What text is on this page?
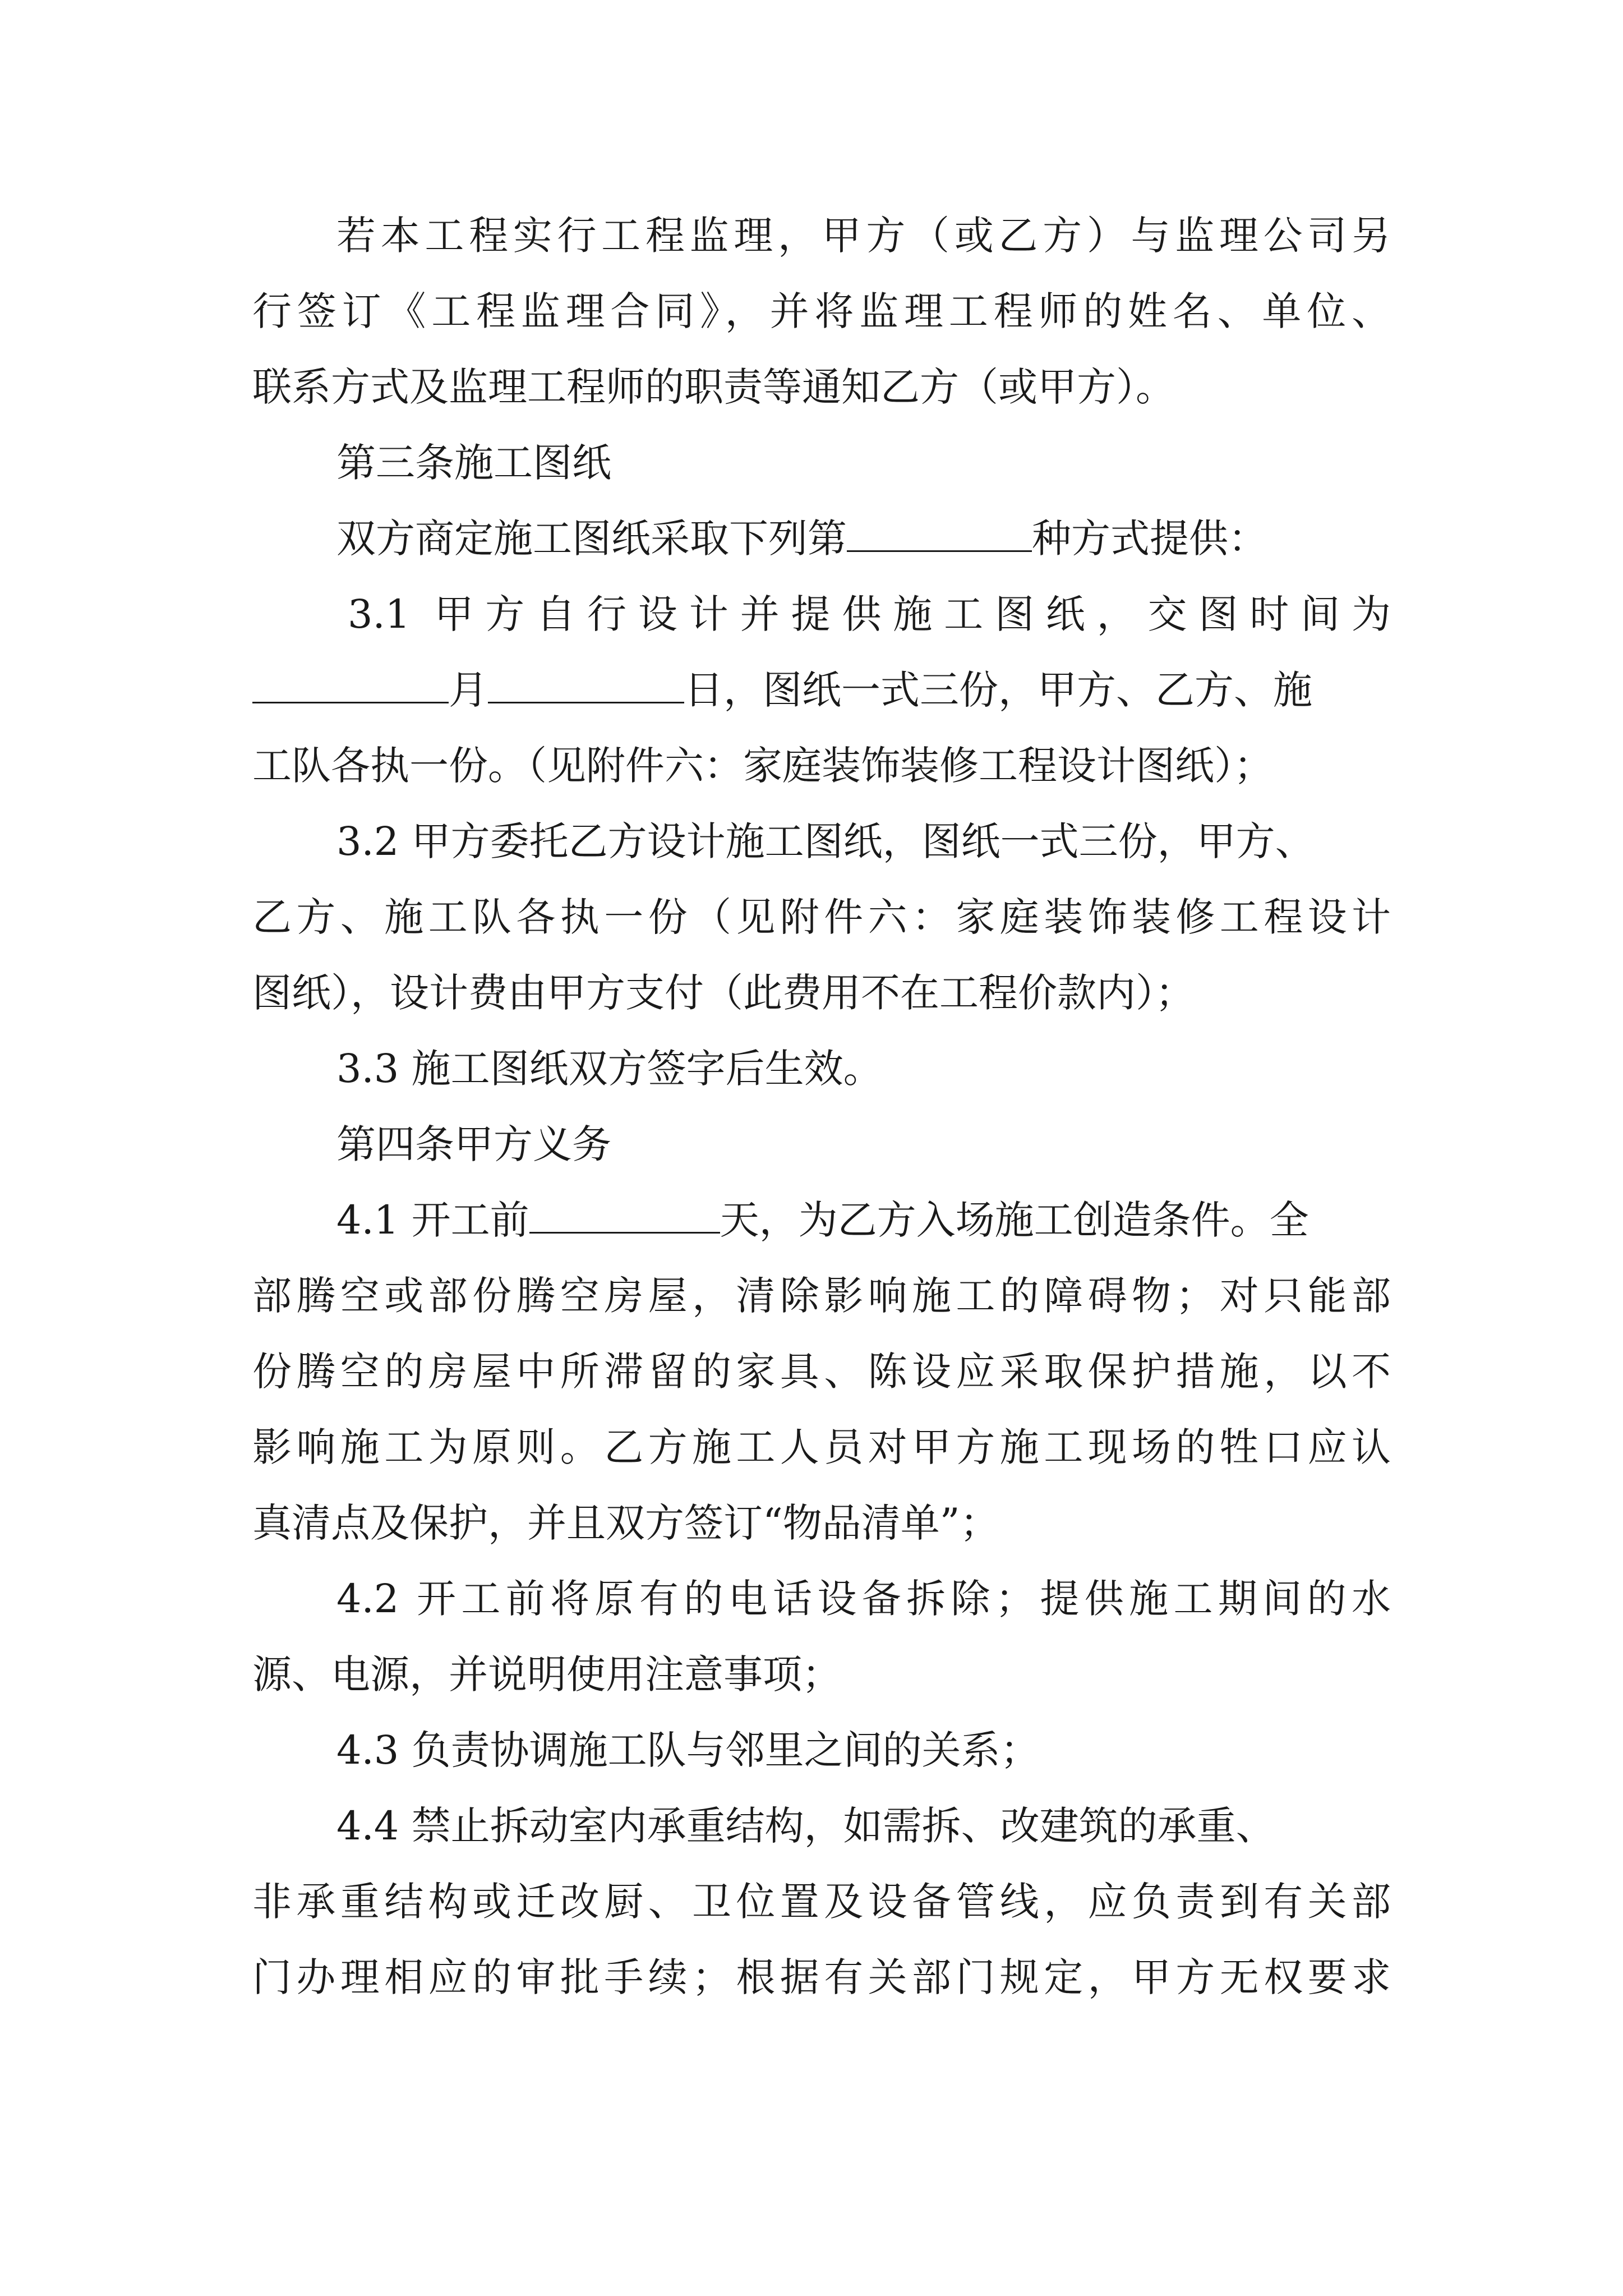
若本工程实行工程监理，甲方（或乙方）与监理公司另
行签订《工程监理合同》，并将监理工程师的姓名、单位、
联系方式及监理工程师的职责等通知乙方（或甲方）。
第三条施工图纸
双方商定施工图纸采取下列第	种方式提供：
3.1 甲方自行设计并提供施工图纸，交图时间为
月	日，图纸一式三份，甲方、乙方、施
工队各执一份。（见附件六：家庭装饰装修工程设计图纸）；
3.2 甲方委托乙方设计施工图纸，图纸一式三份，甲方、
乙方、施工队各执一份（见附件六：家庭装饰装修工程设计
图纸），设计费由甲方支付（此费用不在工程价款内）；
3.3 施工图纸双方签字后生效。
第四条甲方义务
4.1 开工前	天，为乙方入场施工创造条件。全
部腾空或部份腾空房屋，清除影响施工的障碍物；对只能部
份腾空的房屋中所滞留的家具、陈设应采取保护措施，以不
影响施工为原则。乙方施工人员对甲方施工现场的牲口应认
真清点及保护，并且双方签订“物品清单”；
4.2 开工前将原有的电话设备拆除；提供施工期间的水
源、电源，并说明使用注意事项；
4.3 负责协调施工队与邻里之间的关系；
4.4 禁止拆动室内承重结构，如需拆、改建筑的承重、
非承重结构或迁改厨、卫位置及设备管线，应负责到有关部
门办理相应的审批手续；根据有关部门规定，甲方无权要求
